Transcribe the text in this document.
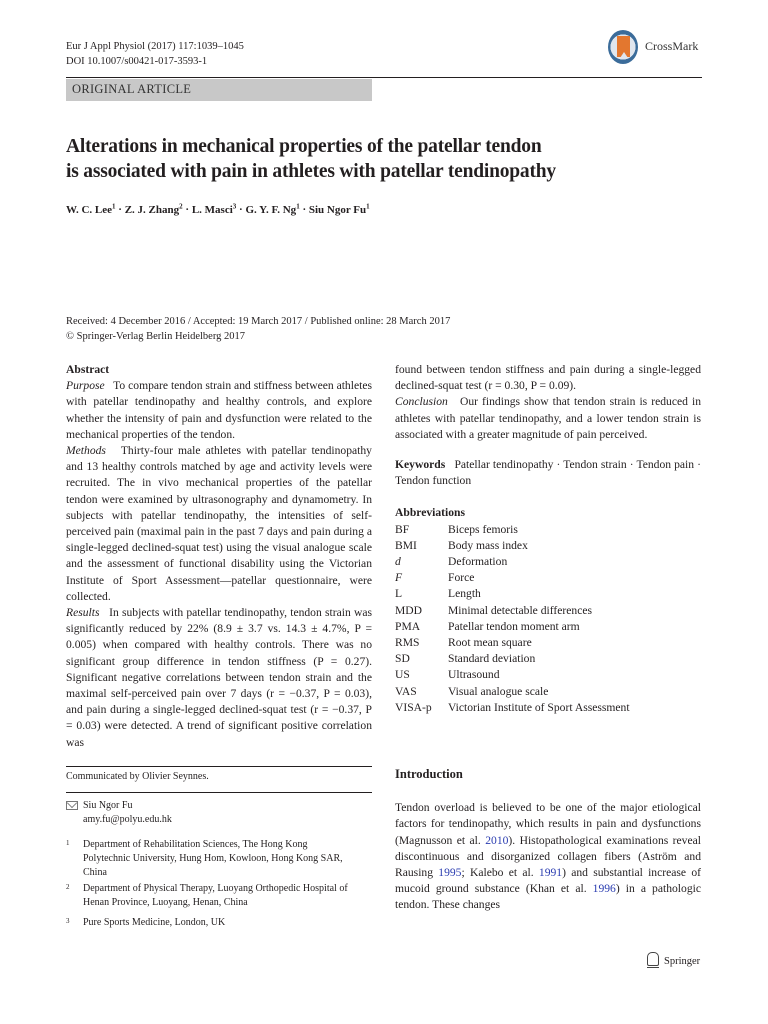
Eur J Appl Physiol (2017) 117:1039–1045
DOI 10.1007/s00421-017-3593-1
CrossMark
ORIGINAL ARTICLE
Alterations in mechanical properties of the patellar tendon
is associated with pain in athletes with patellar tendinopathy
W. C. Lee$^1$ · Z. J. Zhang$^2$ · L. Masci$^3$ · G. Y. F. $Ng^1$ · Siu Ngor Fu$^1$
Received: 4 December 2016 / Accepted: 19 March 2017 / Published online: 28 March 2017
© Springer-Verlag Berlin Heidelberg 2017
Abstract

Purpose To compare tendon strain and stiffness between athletes with patellar tendinopathy and healthy controls, and explore whether the intensity of pain and dysfunction were related to the mechanical properties of the tendon.

Methods Thirty-four male athletes with patellar tendinopathy and 13 healthy controls matched by age and activity levels were recruited. The in vivo mechanical properties of the patellar tendon were examined by ultrasonography and dynamometry. In subjects with patellar tendinopathy, the intensities of self-perceived pain (maximal pain in the past 7 days and pain during a single-legged declined-squat test) using the visual analogue scale and the assessment of functional disability using the Victorian Institute of Sport Assessment—patellar questionnaire, were collected.

Results In subjects with patellar tendinopathy, tendon strain was significantly reduced by 22% (8.9 ± 3.7 vs. 14.3 ± 4.7%, P = 0.005) when compared with healthy controls. There was no significant group difference in tendon stiffness (P = 0.27). Significant negative correlations between tendon strain and the maximal self-perceived pain over 7 days (r = −0.37, P = 0.03), and pain during a single-legged declined-squat test (r = −0.37, P = 0.03) were detected. A trend of significant positive correlation was

Communicated by Olivier Seynnes.
Siu Ngor Fu
amy.fu@polyu.edu.hk
1 Department of Rehabilitation Sciences, The Hong Kong Polytechnic University, Hung Hom, Kowloon, Hong Kong SAR, China
2 Department of Physical Therapy, Luoyang Orthopedic Hospital of Henan Province, Luoyang, Henan, China
3 Pure Sports Medicine, London, UK

found between tendon stiffness and pain during a single-legged declined-squat test (r = 0.30, P = 0.09).

Conclusion Our findings show that tendon strain is reduced in athletes with patellar tendinopathy, and a lower tendon strain is associated with a greater magnitude of pain perceived.

Keywords Patellar tendinopathy · Tendon strain · Tendon pain · Tendon function

Abbreviations
BF	Biceps femoris
BMI	Body mass index
d	Deformation
F	Force
L	Length
MDD	Minimal detectable differences
PMA	Patellar tendon moment arm
RMS	Root mean square
SD	Standard deviation
US	Ultrasound
VAS	Visual analogue scale
VISA-p	Victorian Institute of Sport Assessment
Introduction

Tendon overload is believed to be one of the major etiological factors for tendinopathy, which results in pain and dysfunctions (Magnusson et al. 2010). Histopathological examinations reveal discontinuous and disorganized collagen fibers (Aström and Rausing 1995; Kalebo et al. 1991) and substantial increase of mucoid ground substance (Khan et al. 1996) in a pathologic tendon. These changes

Springer
